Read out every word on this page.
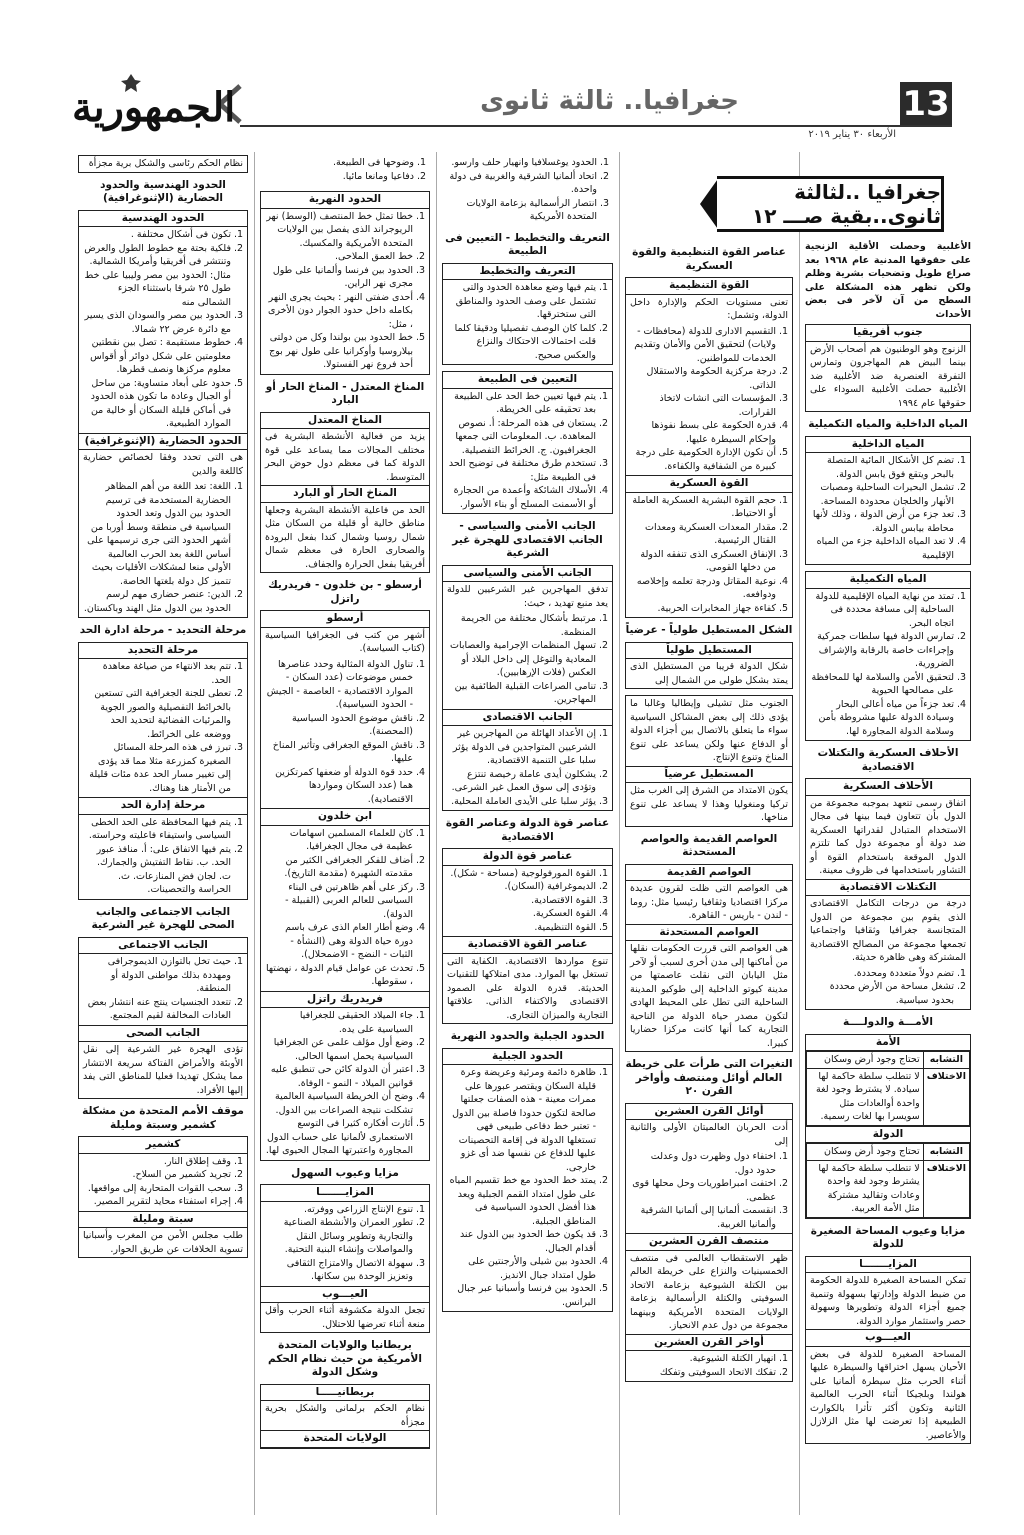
13
جغرافيا.. ثالثة ثانوى
الجمهورية
الأربعاء ٣٠ يناير ٢٠١٩
جغرافيا ..لثالثة ثانوى..بقية صـــ ١٢

الأغلبية وحصلت الأقلية الزنجية على حقوقها المدنية عام ١٩٦٨ بعد صراع طويل وتضحيات بشرية وظلم ولكن تظهر هذه المشكلة على السطح من آن لآخر فى بعض الأحداث

جنوب أفريقيا

الزنوج وهو الوطنيون هم أصحاب الأرض بينما البيض هم المهاجرون وتمارس التفرقة العنصرية ضد الأغلبية ضد الأغلبية حصلت الأغلبية السوداء على حقوقها عام ١٩٩٤

المياه الداخلية والمياه التكميلية
المياه الداخلية
1. تضم كل الأشكال المائية المتصلة بالبحر ويتقع فوق يابس الدولة.
2. تشمل البحيرات الساحلية ومصبات الأنهار والخلجان محدودة المساحة.
3. تعد جزء من أرض الدولة ، وذلك لأنها محاطة بيابس الدولة.
4. لا تعد المياه الداخلية جزء من المياه الإقليمية
المياه التكميلية
1. تمتد من نهاية المياه الإقليمية للدولة الساحلية إلى مسافة محددة فى اتجاه البحر.
2. تمارس الدولة فيها سلطات جمركية وإجراءات خاصة بالرقابة والإشراف الضرورية.
3. لتحقيق الأمن والسلامة لها للمحافظة على مصالحها الحيوية
4. تعد جزءاً من مياه أعالى البحار وسيادة الدولة عليها مشروطة بأمن وسلامة الدولة المجاورة لها.
الأحلاف العسكرية والتكتلات الاقتصادية
الأحلاف العسكرية

اتفاق رسمى تتعهد بموجبه مجموعة من الدول بأن تتعاون فيما بينها فى مجال الاستخدام المتبادل لقدراتها العسكرية ضد دولة أو مجموعة دول كما تلتزم الدول الموقعة باستخدام القوة أو التشاور باستخدامها فى ظروف معينة.

التكتلات الاقتصادية

درجة من درجات التكامل الاقتصادى الذى يقوم بين مجموعة من الدول المتجانسة جغرافيا وثقافيا واجتماعيا تجمعها مجموعة من المصالح الاقتصادية المشتركة وهى ظاهرة حديثة.

1. تضم دولاً متعددة ومحددة.
2. تشغل مساحة من الأرض محددة بحدود سياسية.
الأمـــة والدولــــة
الأمة
التشابه	تحتاج وجود أرض وسكان
الاختلاف	لا تتطلب سلطة حاكمة لها سيادة. لا يشترط وجود لغة واحدة أوالعادات مثل سويسرا بها لغات رسمية.
الدولة
التشابه	تحتاج وجود أرض وسكان
الاختلاف	لا تتطلب سلطة حاكمة لها يشترط وجود لغة واحدة وعادات وتقاليد مشتركة مثل الأمة العربية.
مزايا وعيوب المساحة الصغيرة للدولة
المزايـــــــا

تمكن المساحة الصغيرة للدولة الحكومة من ضبط الدولة وإدارتها بسهولة وتنمية جميع أجزاء الدولة وتطويرها وسهولة حصر واستثمار موارد الدولة.

العيـــوب

المساحة الصغيرة للدولة فى بعض الأحيان يسهل اختراقها والسيطرة عليها أثناء الحرب مثل سيطرة ألمانيا على هولندا وبلجيكا أثناء الحرب العالمية الثانية وتكون أكثر تأثرا بالكوارث الطبيعية إذا تعرضت لها مثل الزلازل والأعاصير.

عناصر القوة التنظيمية والقوة العسكرية
القوة التنظيمية

تعنى مستويات الحكم والإدارة داخل الدولة، وتشمل:

1. التقسيم الادارى للدولة (محافظات - ولايات) لتحقيق الأمن والأمان وتقديم الخدمات للمواطنين.
2. درجة مركزية الحكومة والاستقلال الذاتى.
3. المؤسسات التى انشات لاتخاذ القرارات.
4. قدرة الحكومة على بسط نفوذها وإحكام السيطرة عليها.
5. أن تكون الإدارة الحكومية على درجة كبيرة من الشفافية والكفاءة.
القوة العسكرية
1. حجم القوة البشرية العسكرية العاملة أو الاحتياط.
2. مقدار المعدات العسكرية ومعدات القتال الرئيسية.
3. الإنفاق العسكرى الذى تنفقه الدولة من دخلها القومى.
4. نوعية المقاتل ودرجة تعلمه وإخلاصه ودوافعه.
5. كفاءة جهاز المخابرات الحربية.
الشكل المستطيل طولياً - عرضياً
المستطيل طولياً

شكل الدولة قريبا من المستطيل الذى يمتد بشكل طولى من الشمال إلى

الجنوب مثل تشيلى وإيطاليا وغالبا ما يؤدى ذلك إلى بعض المشاكل السياسية سواء ما يتعلق بالاتصال بين أجزاء الدولة أو الدفاع عنها ولكن يساعد على تنوع المناخ وتنوع الإنتاج.

المستطيل عرضياً

يكون الامتداد من الشرق إلى الغرب مثل تركيا ومنغوليا وهذا لا يساعد على تنوع مناخها.

العواصم القديمة والعواصم المستحدثة
العواصم القديمة

هى العواصم التى ظلت لقرون عديدة مركزا اقتصاديا وثقافيا رئيسيا مثل: روما - لندن - باريس - القاهرة.

العواصم المستحدثة

هى العواصم التى قررت الحكومات نقلها من أماكنها إلى مدن أخرى لسبب أو لآخر مثل اليابان التى نقلت عاصمتها من مدينة كيوتو الداخلية إلى طوكيو المدينة الساحلية التى تطل على المحيط الهادى لتكون مصدر حياة الدولة من الناحية التجارية كما أنها كانت مركزا حضاريا كبيرا.

التغيرات التى طرأت على خريطة العالم أوائل ومنتصف وأواخر القرن ٢٠
أوائل القرن العشرين

أدت الحربان العالميتان الأولى والثانية إلى

1. اختفاء دول وظهرت دول وعدلت حدود دول.
2. اختفت امبراطوريات وحل محلها قوى عظمى.
3. انقسمت ألمانيا إلى ألمانيا الشرقية وألمانيا الغربية.
منتصف القرن العشرين

ظهر الاستقطاب العالمى فى منتصف الخمسينيات والنزاع على خريطة العالم بين الكتلة الشيوعية بزعامة الاتحاد السوفيتى والكتلة الرأسمالية بزعامة الولايات المتحدة الأمريكية وبينهما مجموعة من دول عدم الانحياز.

أواخر القرن العشرين
1. انهيار الكتلة الشيوعية.
2. تفكك الاتحاد السوفيتى وتفكك
1. الحدود يوغسلافيا وانهيار حلف وارسو.
2. اتحاد ألمانيا الشرقية والغربية فى دولة واحدة.
3. انتصار الرأسمالية بزعامة الولايات المتحدة الأمريكية
التعريف والتخطيط - التعيين فى الطبيعة
التعريف والتخطيط
1. يتم فيها وضع معاهدة الحدود والتى تشتمل على وصف الحدود والمناطق التى ستخترقها.
2. كلما كان الوصف تفصيليا ودقيقا كلما قلت احتمالات الاحتكاك والنزاع والعكس صحيح.
التعيين فى الطبيعة
1. يتم فيها تعيين خط الحد على الطبيعة بعد تحقيقه على الخريطة.
2. يستعان فى هذه المرحلة: أ. نصوص المعاهدة. ب. المعلومات التى جمعها الجغرافيون. ج. الخرائط التفصيلية.
3. تستخدم طرق مختلفة فى توضيح الحد فى الطبيعة مثل:
4. الأسلاك الشائكة وأعمدة من الحجارة أو الأسمنت المسلح أو بناء الأسوار.
الجانب الأمنى والسياسى - الجانب الاقتصادى للهجرة غير الشرعية
الجانب الأمنى والسياسى

تدفق المهاجرين غير الشرعيين للدولة يعد منبع تهديد ، حيث:

1. مرتبط بأشكال مختلفة من الجريمة المنظمة.
2. تسهل المنظمات الإجرامية والعصابات المعادية والتوغل إلى داخل البلاد أو العكس (فلات الإرهابيين).
3. تنامى الصراعات القبلية الطائفية بين المهاجرين.
الجانب الاقتصادى
1. إن الأعداد الهائلة من المهاجرين غير الشرعيين المتواجدين فى الدولة يؤثر سلبا على التنمية الاقتصادية.
2. يشكلون أيدى عاملة رخيصة تنتزع وتؤدى إلى سوق العمل غير الشرعى.
3. يؤثر سلبا على الأيدى العاملة المحلية.
عناصر قوة الدولة وعناصر القوة الاقتصادية
عناصر قوة الدولة
1. القوة المورفولوجية (مساحة - شكل).
2. الديموغرافية (السكان).
3. القوة الاقتصادية.
4. القوة العسكرية.
5. القوة التنظيمية.
عناصر القوة الاقتصادية

تنوع مواردها الاقتصادية. الكفاية التى تستغل بها الموارد. مدى امتلاكها للتقنيات الحديثة. قدرة الدولة على الصمود الاقتصادى والاكتفاء الذاتى. علاقتها التجارية والميزان التجارى.

الحدود الجبلية والحدود النهرية
الحدود الجبلية
1. ظاهرة دائمة ومرئية وعريضة وعرة قليلة السكان ويقتصر عبورها على ممرات معينة - هذه الصفات جعلتها صالحة لتكون حدودا فاصلة بين الدول - تعتبر خط دفاعى طبيعى فهى تستغلها الدولة فى إقامة التحصينات عليها للدفاع عن نفسها ضد أى غزو خارجى.
2. يمتد خط الحدود مع خط تقسيم المياه على طول امتداد القمم الجبلية ويعد هذا أفضل الحدود السياسية فى المناطق الجبلية.
3. قد يكون خط الحدود بين الدول عند أقدام الجبال.
4. الحدود بين شيلى والأرجنتين على طول امتداد جبال الانديز.
5. الحدود بين فرنسا وأسبانيا عبر جبال البرانس.
1. وضوحها فى الطبيعة.
2. دفاعيا ومانعا مائيا.
الحدود النهرية
1. خطا تمثل خط المنتصف (الوسط) نهر الريوجراند الذى يفصل بين الولايات المتحدة الأمريكية والمكسيك.
2. خط العمق الملاحى.
3. الحدود بين فرنسا وألمانيا على طول مجرى نهر الراين.
4. أحدى ضفتى النهر : بحيث يجرى النهر بكامله داخل حدود الجوار دون الأخرى ، مثل:
5. خط الحدود بين بولندا وكل من دولتى بيلاروسيا وأوكرانيا على طول نهر بوج أحد فروع نهر الفستولا.
المناخ المعتدل - المناخ الحار أو البارد
المناخ المعتدل

يزيد من فعالية الأنشطة البشرية فى مختلف المجالات مما يساعد على قوة الدولة كما فى معظم دول حوض البحر المتوسط.

المناخ الحار أو البارد

الحد من فاعلية الأنشطة البشرية وجعلها مناطق خالية أو قليلة من السكان مثل شمال روسيا وشمال كندا بفعل البرودة والصحارى الحارة فى معظم شمال أفريقيا بفعل الحرارة والجفاف.

أرسطو - بن خلدون - فريدريك راتزل
أرسطو

أشهر من كتب فى الجغرافيا السياسية (كتاب السياسة).

1. تناول الدولة المثالية وحدد عناصرها خمس موضوعات (عدد السكان - الموارد الاقتصادية - العاصمة - الجيش - الحدود السياسية).
2. ناقش موضوع الحدود السياسية (المحصنة).
3. ناقش الموقع الجغرافى وتأثير المناخ عليها.
4. حدد قوة الدولة أو ضعفها كمرتكزين هما (عدد السكان ومواردها الاقتصادية).
ابن خلدون
1. كان للعلماء المسلمين اسهامات عظيمة فى مجال الجغرافيا.
2. أضاف للفكر الجغرافى الكثير من مقدمته الشهيرة (مقدمة التاريخ).
3. ركز على أهم ظاهرتين فى البناء السياسى للعالم العربى (القبيلة - الدولة).
4. وضع أطار العام الذى عرف باسم دورة حياة الدولة وهى (النشأة - الثبات - النضج - الاضمحلال).
5. تحدث عن عوامل قيام الدولة ، نهضتها ، سقوطها.
فريدريك راتزل
1. جاء الميلاد الحقيقى للجغرافيا السياسية على يده.
2. وضع أول مؤلف علمى عن الجغرافيا السياسية يحمل اسمها الحالى.
3. اعتبر أن الدولة كائن حى تنطبق عليه قوانين الميلاد - النمو - الوفاة.
4. وضح أن الخريطة السياسية العالمية تشكلت نتيجة الصراعات بين الدول.
5. أثارت أفكاره كثيرا فى التوسع الاستعمارى لألمانيا على حساب الدول المجاورة واعتبرتها المجال الحيوى لها.
مزايا وعيوب السهول
المزايـــــــا
1. تنوع الإنتاج الزراعى ووفرته.
2. تطور العمران والأنشطة الصناعية والتجارية وتطوير وسائل النقل والمواصلات وإنشاء البنية التحتية.
3. سهولة الاتصال والامتزاج الثقافى وتعزيز الوحدة بين سكانها.
العيـــوب

تجعل الدولة مكشوفة أثناء الحرب وأقل منعة أثناء تعرضها للاحتلال.

بريطانيا والولايات المتحدة الأمريكية من حيث نظام الحكم وشكل الدولة
بريطانيـــــا

نظام الحكم برلمانى والشكل بحرية مجزأة

الولايات المتحدة

نظام الحكم رئاسى والشكل برية مجزأة

الحدود الهندسية والحدود الحضارية (الإثنوغرافية)
الحدود الهندسية
1. تكون فى أشكال مختلفة .
2. فلكية بحتة مع خطوط الطول والعرض وتنتشر فى أفريقيا وأمريكا الشمالية. مثال: الحدود بين مصر وليبيا على خط طول ٢٥ شرقا باستثناء الجزء الشمالى منه
3. الحدود بين مصر والسودان الذى يسير مع دائرة عرض ٢٢ شمالا.
4. خطوط مستقيمة : تصل بين نقطتين معلومتين على شكل دوائر أو أقواس معلوم مركزها ونصف قطرها.
5. حدود على أبعاد متساوية: من ساحل أو الجبال وعادة ما تكون هذه الحدود فى أماكن قليلة السكان أو خالية من الموارد الطبيعية.
الحدود الحضارية (الإثنوغرافية)

هى التى تحدد وفقا لخصائص حضارية كاللغة والدين

1. اللغة: تعد اللغة من أهم المظاهر الحضارية المستخدمة فى ترسيم الحدود بين الدول وتعد الحدود السياسية فى منطقة وسط أوربا من أشهر الحدود التى جرى ترسيمها على أساس اللغة بعد الحرب العالمية الأولى منعا لمشكلات الأقليات بحيث تتميز كل دولة بلغتها الخاصة.
2. الدين: عنصر حضارى مهم لرسم الحدود بين الدول مثل الهند وباكستان.
مرحلة التحديد - مرحلة ادارة الحد
مرحلة التحديد
1. تتم بعد الانتهاء من صياغة معاهدة الحد.
2. تعطى للجنة الجغرافية التى تستعين بالخرائط التفصيلية والصور الجوية والمرئيات الفضائية لتحديد الحد ووضعه على الخرائط.
3. تبرز فى هذه المرحلة المسائل الصغيرة كمزرعة مثلا مما قد يؤدى إلى تغيير مسار الحد عدة مئات قليلة من الأمتار هنا وهناك.
مرحلة إدارة الحد
1. يتم فيها المحافظة على الحد الخطى السياسى واستيفاء فاعليته وحراسته.
2. يتم فيها الاتفاق على: أ. منافذ عبور الحد. ب. نقاط التفتيش والجمارك. ت. لجان فض المنازعات. ث. الحراسة والتحصينات.
الجانب الاجتماعى والجانب الصحى للهجرة غير الشرعية
الجانب الاجتماعى
1. حيث تخل بالتوازن الديموجرافى ومهددة بذلك مواطنى الدولة أو المنطقة.
2. تتعدد الجنسيات ينتج عنه انتشار بعض العادات المخالفة لقيم المجتمع.
الجانب الصحى

تؤدى الهجرة غير الشرعية إلى نقل الأوبئة والأمراض الفتاكة سريعة الانتشار مما يشكل تهديدا فعليا للمناطق التى يفد إليها الأفراد.

موقف الأمم المتحدة من مشكلة كشمير وسبتة ومليلة
كشمير
1. وقف إطلاق النار.
2. تجريد كشمير من السلاح.
3. سحب القوات المتحاربة إلى مواقعها.
4. إجراء استفتاء محايد لتقرير المصير.
سبتة ومليلة

طلب مجلس الأمن من المغرب وأسبانيا تسوية الخلافات عن طريق الحوار.
